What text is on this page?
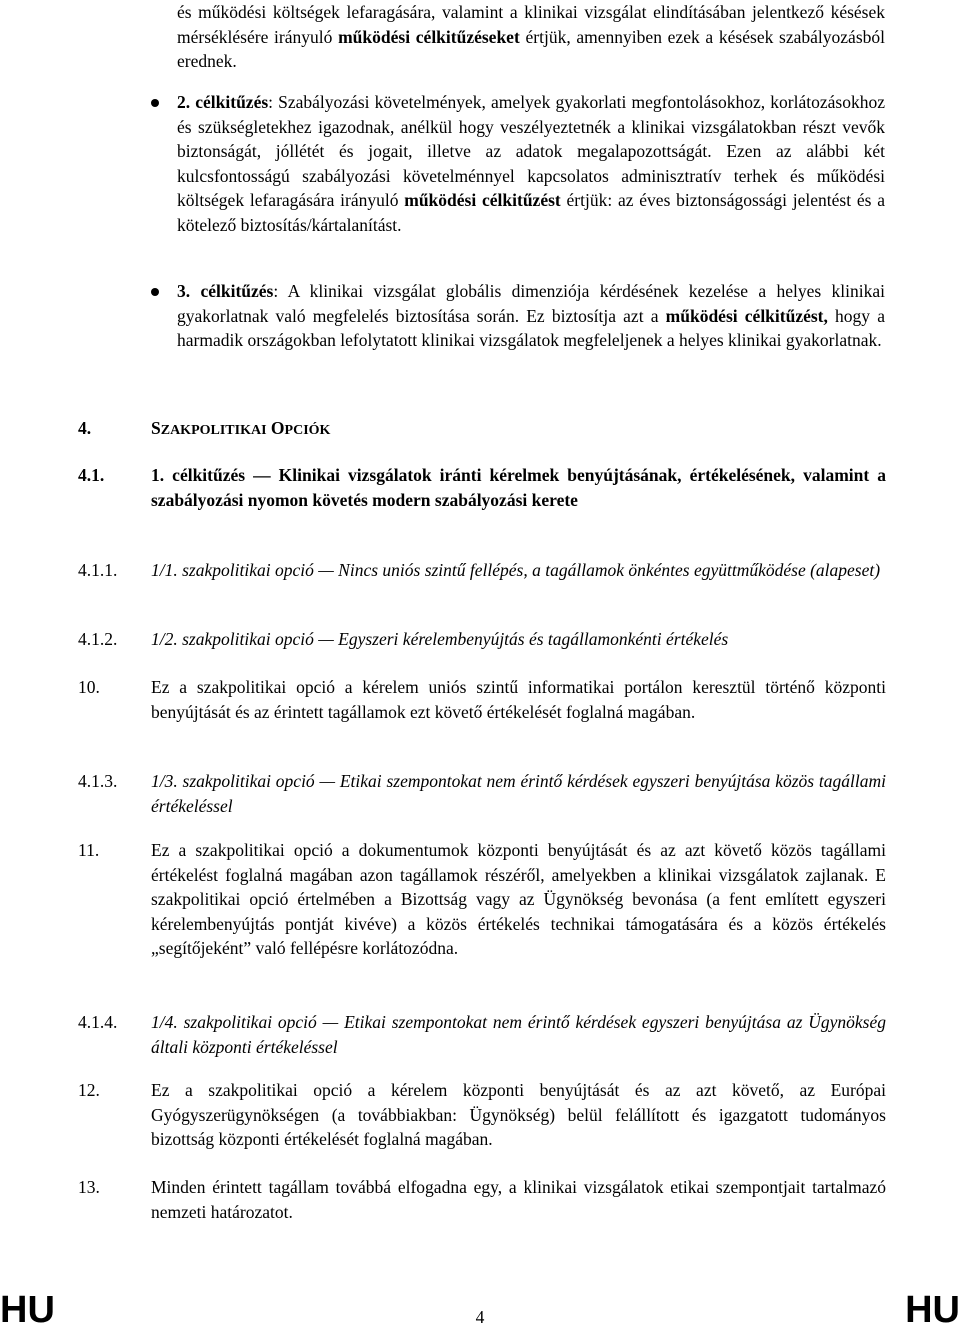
és működési költségek lefaragására, valamint a klinikai vizsgálat elindításában jelentkező késések mérséklésére irányuló működési célkitűzéseket értjük, amennyiben ezek a késések szabályozásból erednek.
2. célkitűzés: Szabályozási követelmények, amelyek gyakorlati megfontolásokhoz, korlátozásokhoz és szükségletekhez igazodnak, anélkül hogy veszélyeztetnék a klinikai vizsgálatokban részt vevők biztonságát, jóllétét és jogait, illetve az adatok megalapozottságát. Ezen az alábbi két kulcsfontosságú szabályozási követelménnyel kapcsolatos adminisztratív terhek és működési költségek lefaragására irányuló működési célkitűzést értjük: az éves biztonságossági jelentést és a kötelező biztosítás/kártalanítást.
3. célkitűzés: A klinikai vizsgálat globális dimenziója kérdésének kezelése a helyes klinikai gyakorlatnak való megfelelés biztosítása során. Ez biztosítja azt a működési célkitűzést, hogy a harmadik országokban lefolytatott klinikai vizsgálatok megfeleljenek a helyes klinikai gyakorlatnak.
4.	SZAKPOLITIKAI OPCIÓK
4.1.	1. célkitűzés — Klinikai vizsgálatok iránti kérelmek benyújtásának, értékelésének, valamint a szabályozási nyomon követés modern szabályozási kerete
4.1.1. 1/1. szakpolitikai opció — Nincs uniós szintű fellépés, a tagállamok önkéntes együttműködése (alapeset)
4.1.2. 1/2. szakpolitikai opció — Egyszeri kérelembenyújtás és tagállamonkénti értékelés
10.	Ez a szakpolitikai opció a kérelem uniós szintű informatikai portálon keresztül történő központi benyújtását és az érintett tagállamok ezt követő értékelését foglalná magában.
4.1.3. 1/3. szakpolitikai opció — Etikai szempontokat nem érintő kérdések egyszeri benyújtása közös tagállami értékeléssel
11.	Ez a szakpolitikai opció a dokumentumok központi benyújtását és az azt követő közös tagállami értékelést foglalná magában azon tagállamok részéről, amelyekben a klinikai vizsgálatok zajlanak. E szakpolitikai opció értelmében a Bizottság vagy az Ügynökség bevonása (a fent említett egyszeri kérelembenyújtás pontját kivéve) a közös értékelés technikai támogatására és a közös értékelés „segítőjeként” való fellépésre korlátozódna.
4.1.4. 1/4. szakpolitikai opció — Etikai szempontokat nem érintő kérdések egyszeri benyújtása az Ügynökség általi központi értékeléssel
12.	Ez a szakpolitikai opció a kérelem központi benyújtását és az azt követő, az Európai Gyógyszerügynökségen (a továbbiakban: Ügynökség) belül felállított és igazgatott tudományos bizottság központi értékelését foglalná magában.
13.	Minden érintett tagállam továbbá elfogadna egy, a klinikai vizsgálatok etikai szempontjait tartalmazó nemzeti határozatot.
HU	4	HU
